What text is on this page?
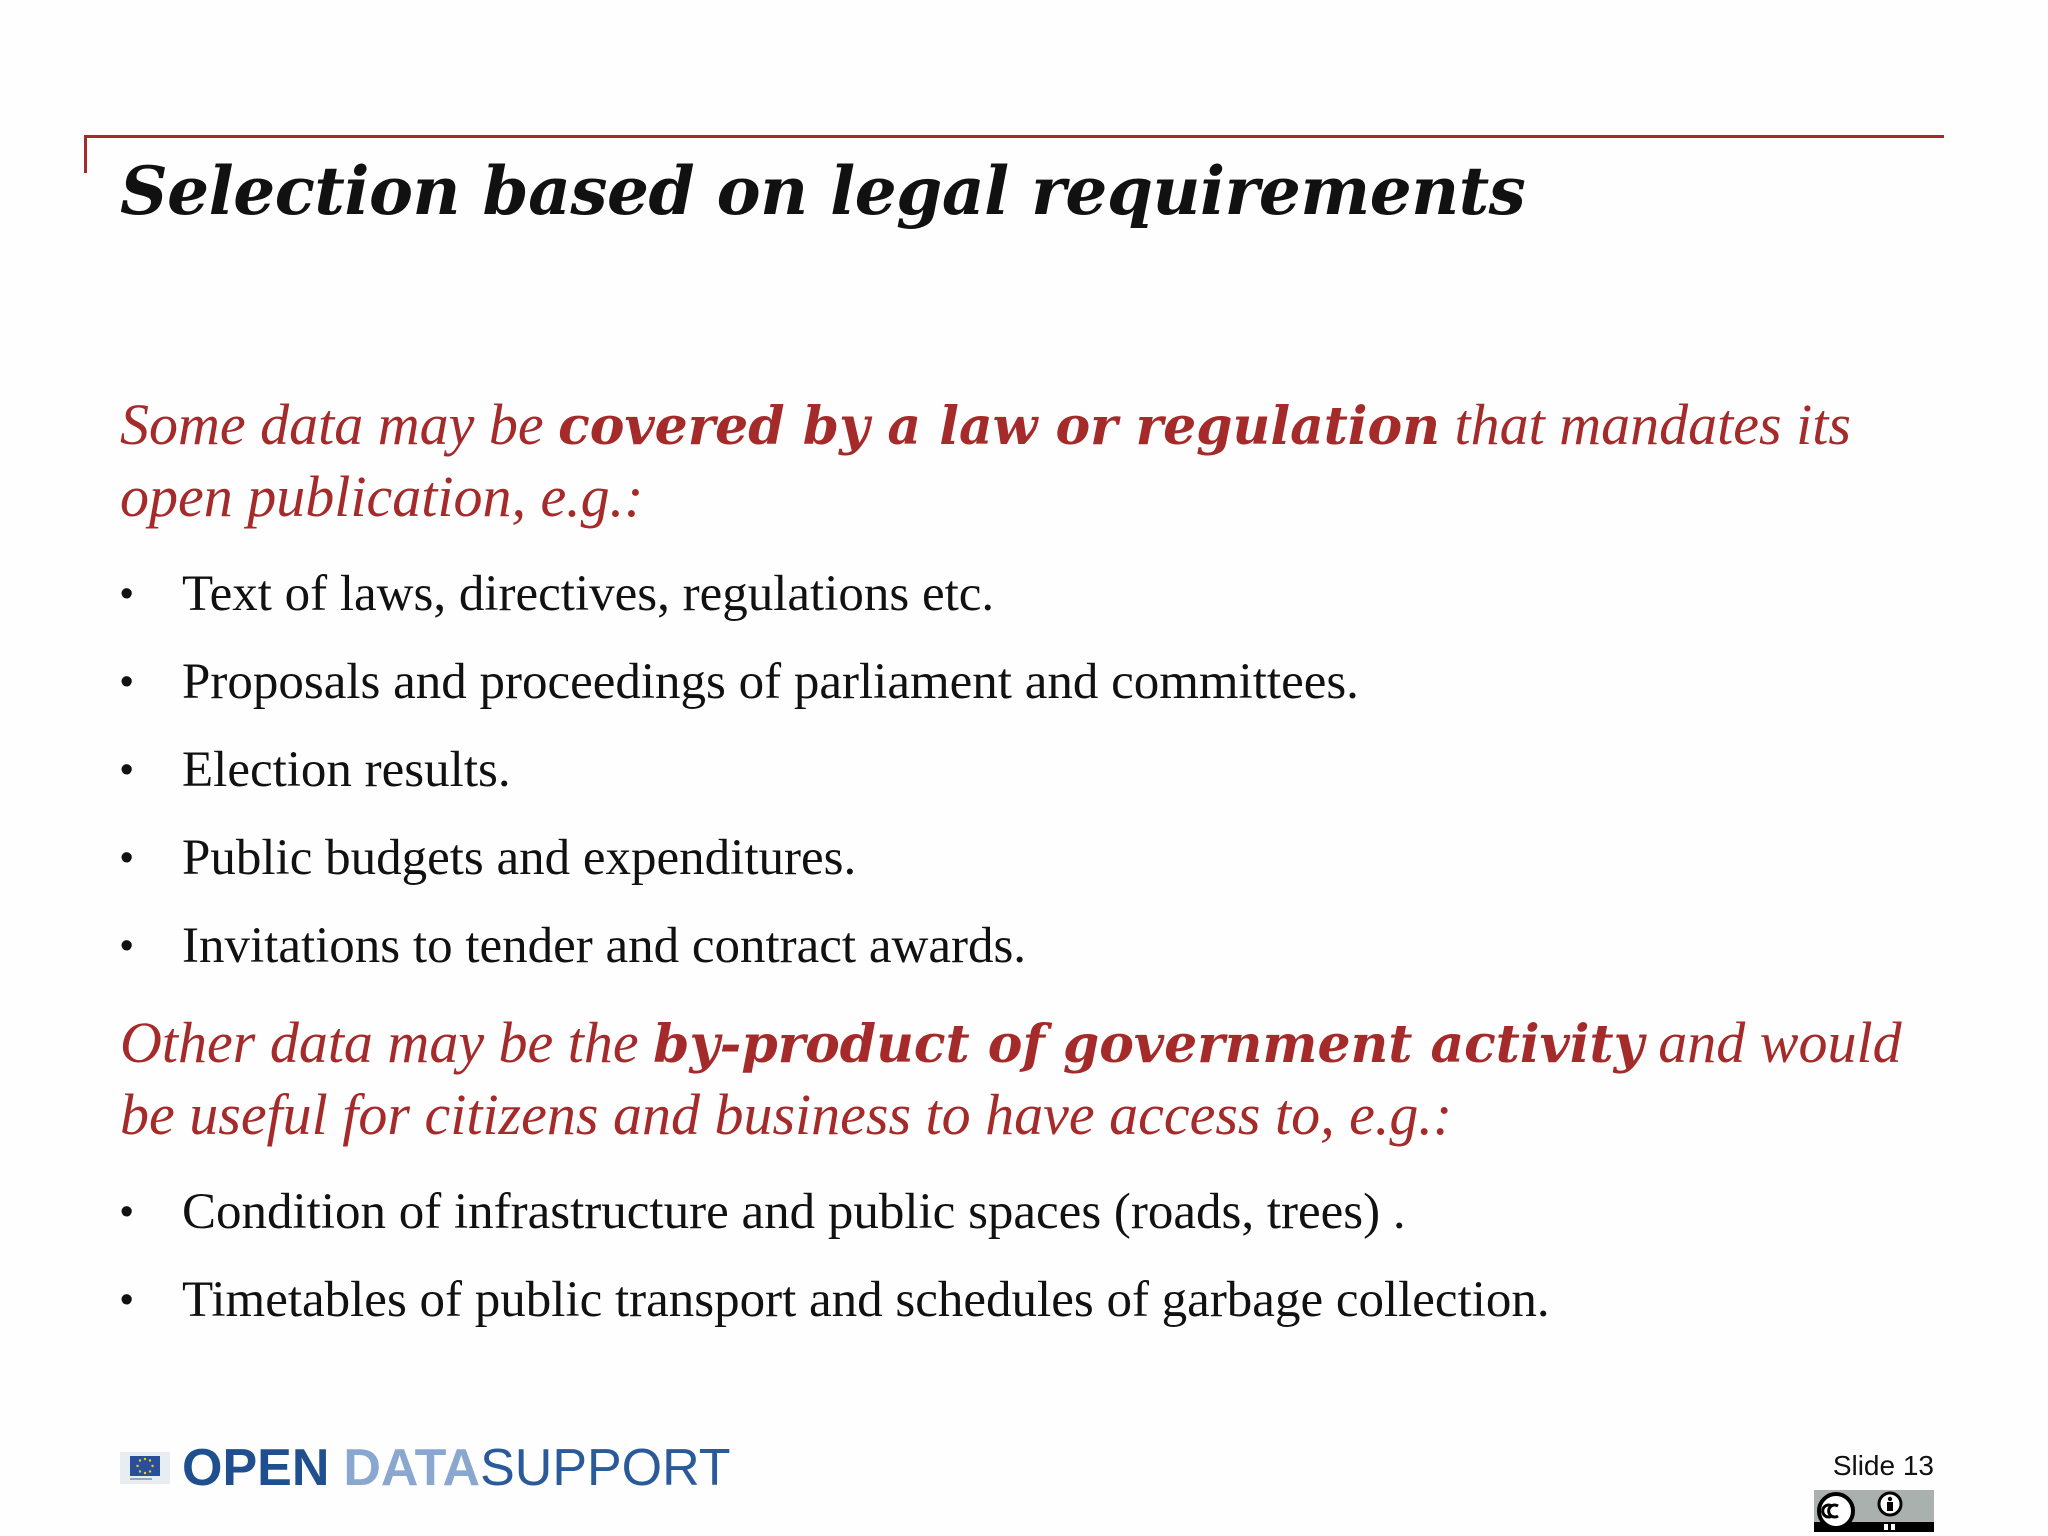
Selection based on legal requirements

Some data may be covered by a law or regulation that mandates its open publication, e.g.:

• Text of laws, directives, regulations etc.
• Proposals and proceedings of parliament and committees.
• Election results.
• Public budgets and expenditures.
• Invitations to tender and contract awards.

Other data may be the by-product of government activity and would be useful for citizens and business to have access to, e.g.:

• Condition of infrastructure and public spaces (roads, trees) .
• Timetables of public transport and schedules of garbage collection.
OPEN DATASUPPORT	Slide 13
